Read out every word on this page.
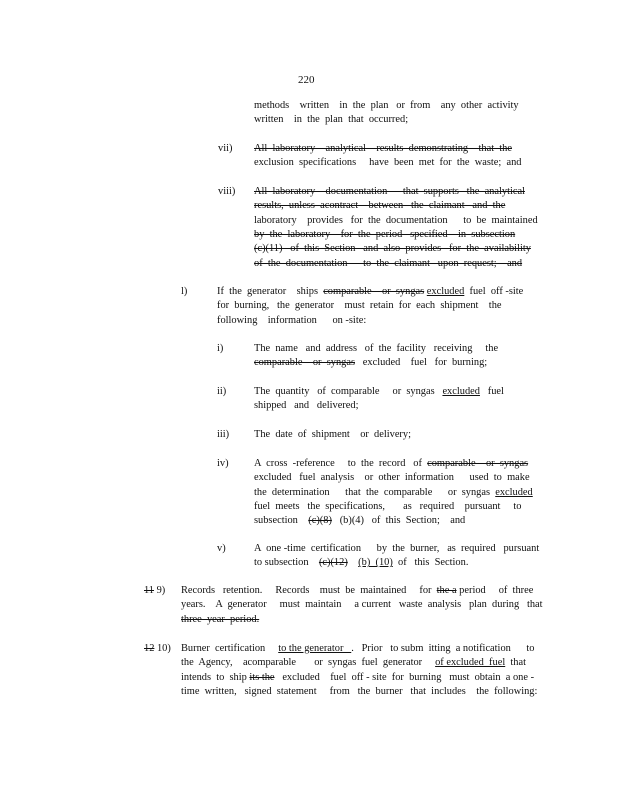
220
methods    written    in  the  plan   or  from    any  other  activity
written    in  the  plan  that  occurred;
vii) All  laboratory    analytical    results  demonstrating    that  the
exclusion  specifications     have  been  met  for  the  waste;  and
viii) All  laboratory    documentation      that  supports   the  analytical
results,  unless  acontract    between   the  claimant   and  the
laboratory    provides   for  the  documentation      to  be  maintained
by  the  laboratory    for  the  period   specified    in  subsection
(c)(11)   of  this  Section   and  also  provides   for  the  availability
of  the  documentation      to  the  claimant   upon  request;    and
l)	If  the  generator    ships  comparable    or  syngas excluded  fuel  off -site
for  burning,   the  generator    must  retain  for  each  shipment    the
following    information      on -site:
i)	The  name   and  address   of  the  facility   receiving     the
comparable    or  syngas   excluded    fuel   for  burning;
ii)	The  quantity   of  comparable     or  syngas   excluded   fuel
shipped   and   delivered;
iii) The  date  of  shipment    or  delivery;
iv) A  cross  -reference     to  the  record   of  comparable    or  syngas
excluded   fuel  analysis    or  other  information      used  to  make
the  determination      that  the  comparable      or  syngas  excluded
fuel  meets   the  specifications,       as   required    pursuant     to
subsection    (c)(8)   (b)(4)   of  this  Section;    and
v)	A  one -time  certification      by  the  burner,   as  required   pursuant
to subsection    (c)(12) (b)  (10)  of   this  Section.
11 9) Records   retention.     Records    must  be  maintained     for  the a period     of  three
years.    A  generator     must  maintain     a current   waste  analysis   plan  during   that
three  year  period.
12 10) Burner  certification     to the generator   .   Prior   to subm  itting  a notification      to
the  Agency,    acomparable       or  syngas  fuel  generator     of excluded  fuel  that
intends  to  ship its the   excluded    fuel  off - site  for  burning   must  obtain  a one -
time  written,   signed  statement     from   the  burner   that  includes    the  following:
